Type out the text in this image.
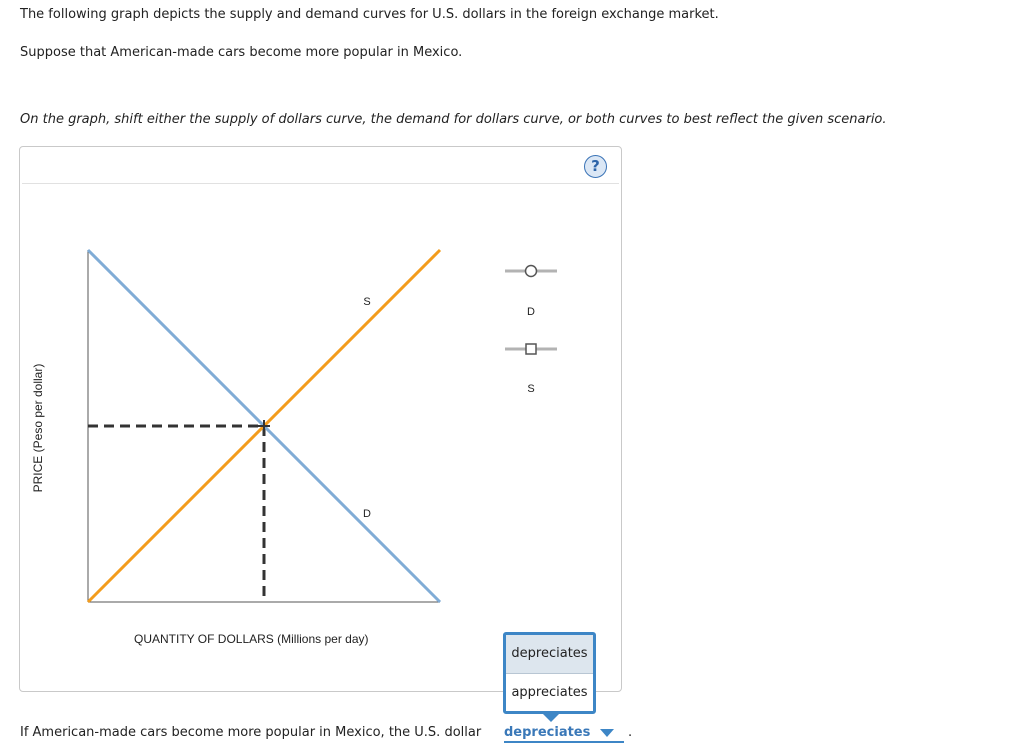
The following graph depicts the supply and demand curves for U.S. dollars in the foreign exchange market.
Suppose that American-made cars become more popular in Mexico.
On the graph, shift either the supply of dollars curve, the demand for dollars curve, or both curves to best reflect the given scenario.
?
S
D
D
S
PRICE (Peso per dollar)
QUANTITY OF DOLLARS (Millions per day)
depreciates
appreciates
If American-made cars become more popular in Mexico, the U.S. dollar depreciates	.
